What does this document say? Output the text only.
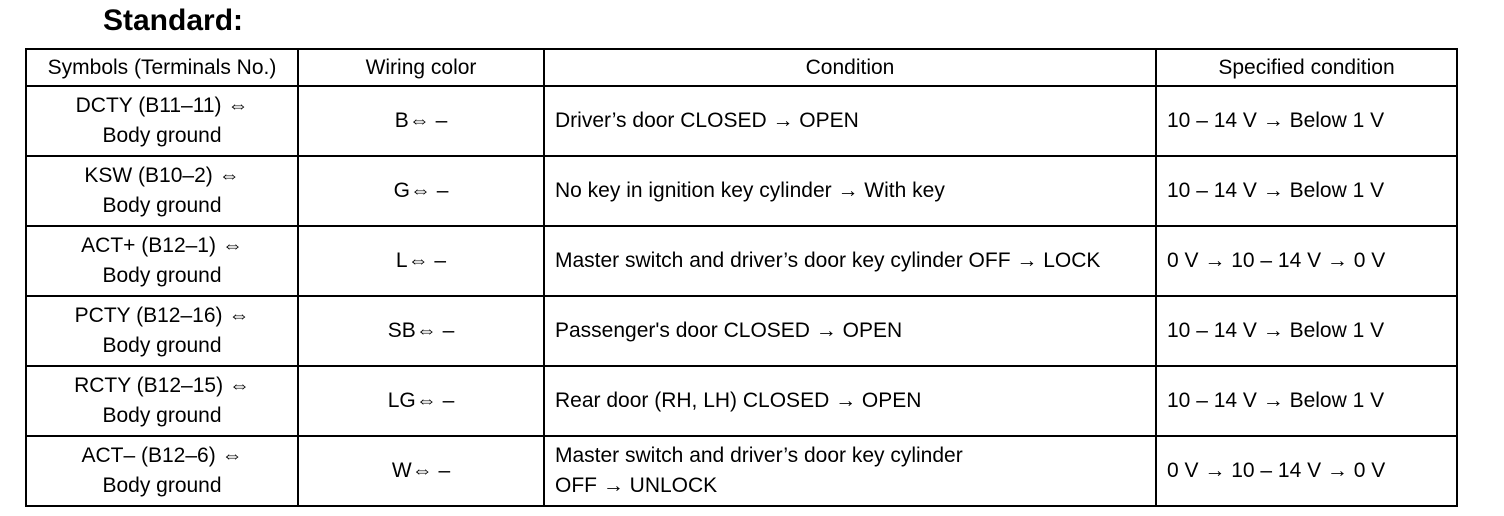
Standard:
Symbols (Terminals No.)	Wiring color	Condition	Specified condition

DCTY (B11–11) ⇔
Body ground	B⇔ –	Driver’s door CLOSED → OPEN	10 – 14 V → Below 1 V

KSW (B10–2) ⇔
Body ground	G⇔ –	No key in ignition key cylinder → With key	10 – 14 V → Below 1 V

ACT+ (B12–1) ⇔
Body ground	L⇔ –	Master switch and driver’s door key cylinder OFF → LOCK	0 V → 10 – 14 V → 0 V

PCTY (B12–16) ⇔
Body ground	SB⇔ –	Passenger's door CLOSED → OPEN	10 – 14 V → Below 1 V

RCTY (B12–15) ⇔
Body ground	LG⇔ –	Rear door (RH, LH) CLOSED → OPEN	10 – 14 V → Below 1 V

ACT– (B12–6) ⇔
Body ground	W⇔ –	Master switch and driver’s door key cylinder
OFF → UNLOCK	0 V → 10 – 14 V → 0 V
